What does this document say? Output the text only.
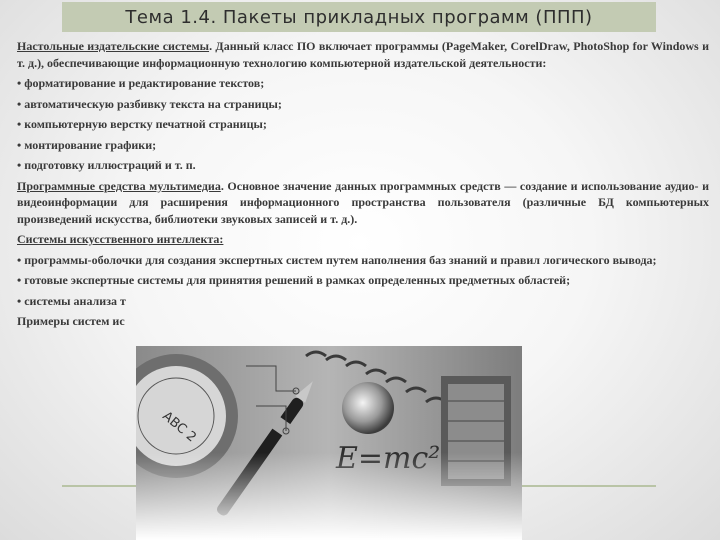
Тема 1.4. Пакеты прикладных программ (ППП)

Настольные издательские системы. Данный класс ПО включает программы (PageMaker, CorelDraw, PhotoShop for Windows и т. д.), обеспечивающие информационную технологию компьютерной издательской деятельности:

• форматирование и редактирование текстов;

• автоматическую разбивку текста на страницы;

• компьютерную верстку печатной страницы;

• монтирование графики;

• подготовку иллюстраций и т. п.

Программные средства мультимедиа. Основное значение данных программных средств — создание и использование аудио- и видеоинформации для расширения информационного пространства пользователя (различные БД компьютерных произведений искусства, библиотеки звуковых записей и т. д.).

Системы искусственного интеллекта:

• программы-оболочки для создания экспертных систем путем наполнения баз знаний и правил логического вывода;

• готовые экспертные системы для принятия решений в рамках определенных предметных областей;

• системы анализа т

Примеры систем ис
